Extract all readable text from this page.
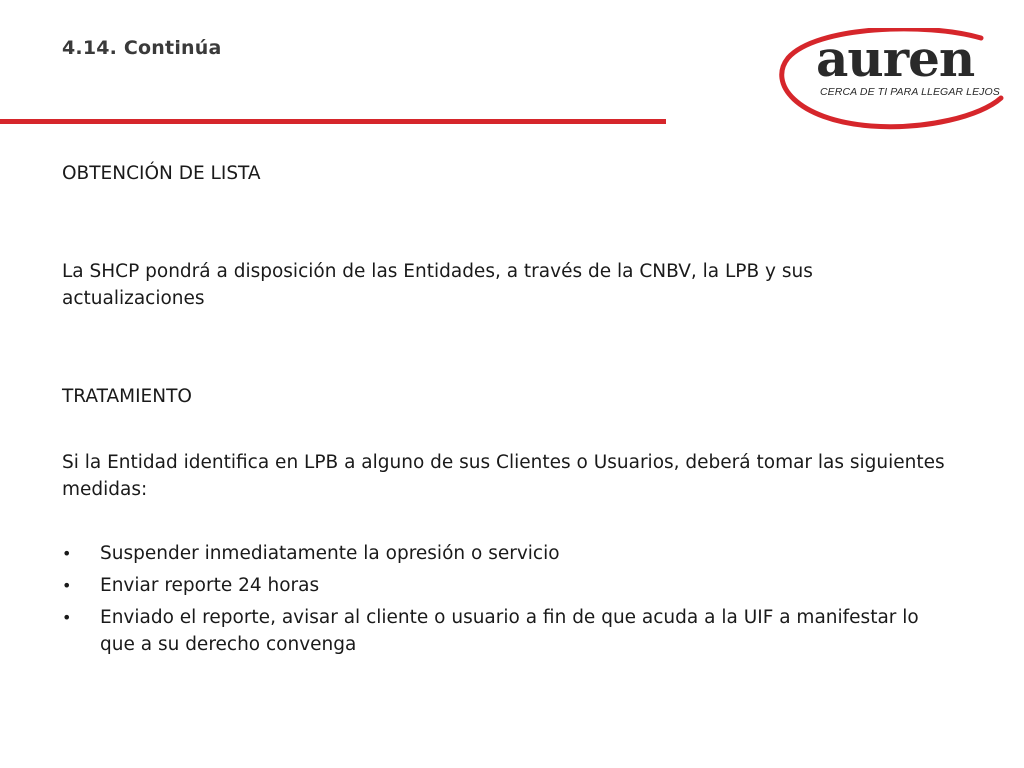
4.14. Continúa	auren
CERCA DE TI PARA LLEGAR LEJOS
OBTENCIÓN DE LISTA
La SHCP pondrá a disposición de las Entidades, a través de la CNBV, la LPB y sus actualizaciones
TRATAMIENTO
Si la Entidad identifica en LPB a alguno de sus Clientes o Usuarios, deberá tomar las siguientes medidas:
• Suspender inmediatamente la opresión o servicio
• Enviar reporte 24 horas
• Enviado el reporte, avisar al cliente o usuario a fin de que acuda a la UIF a manifestar lo que a su derecho convenga
